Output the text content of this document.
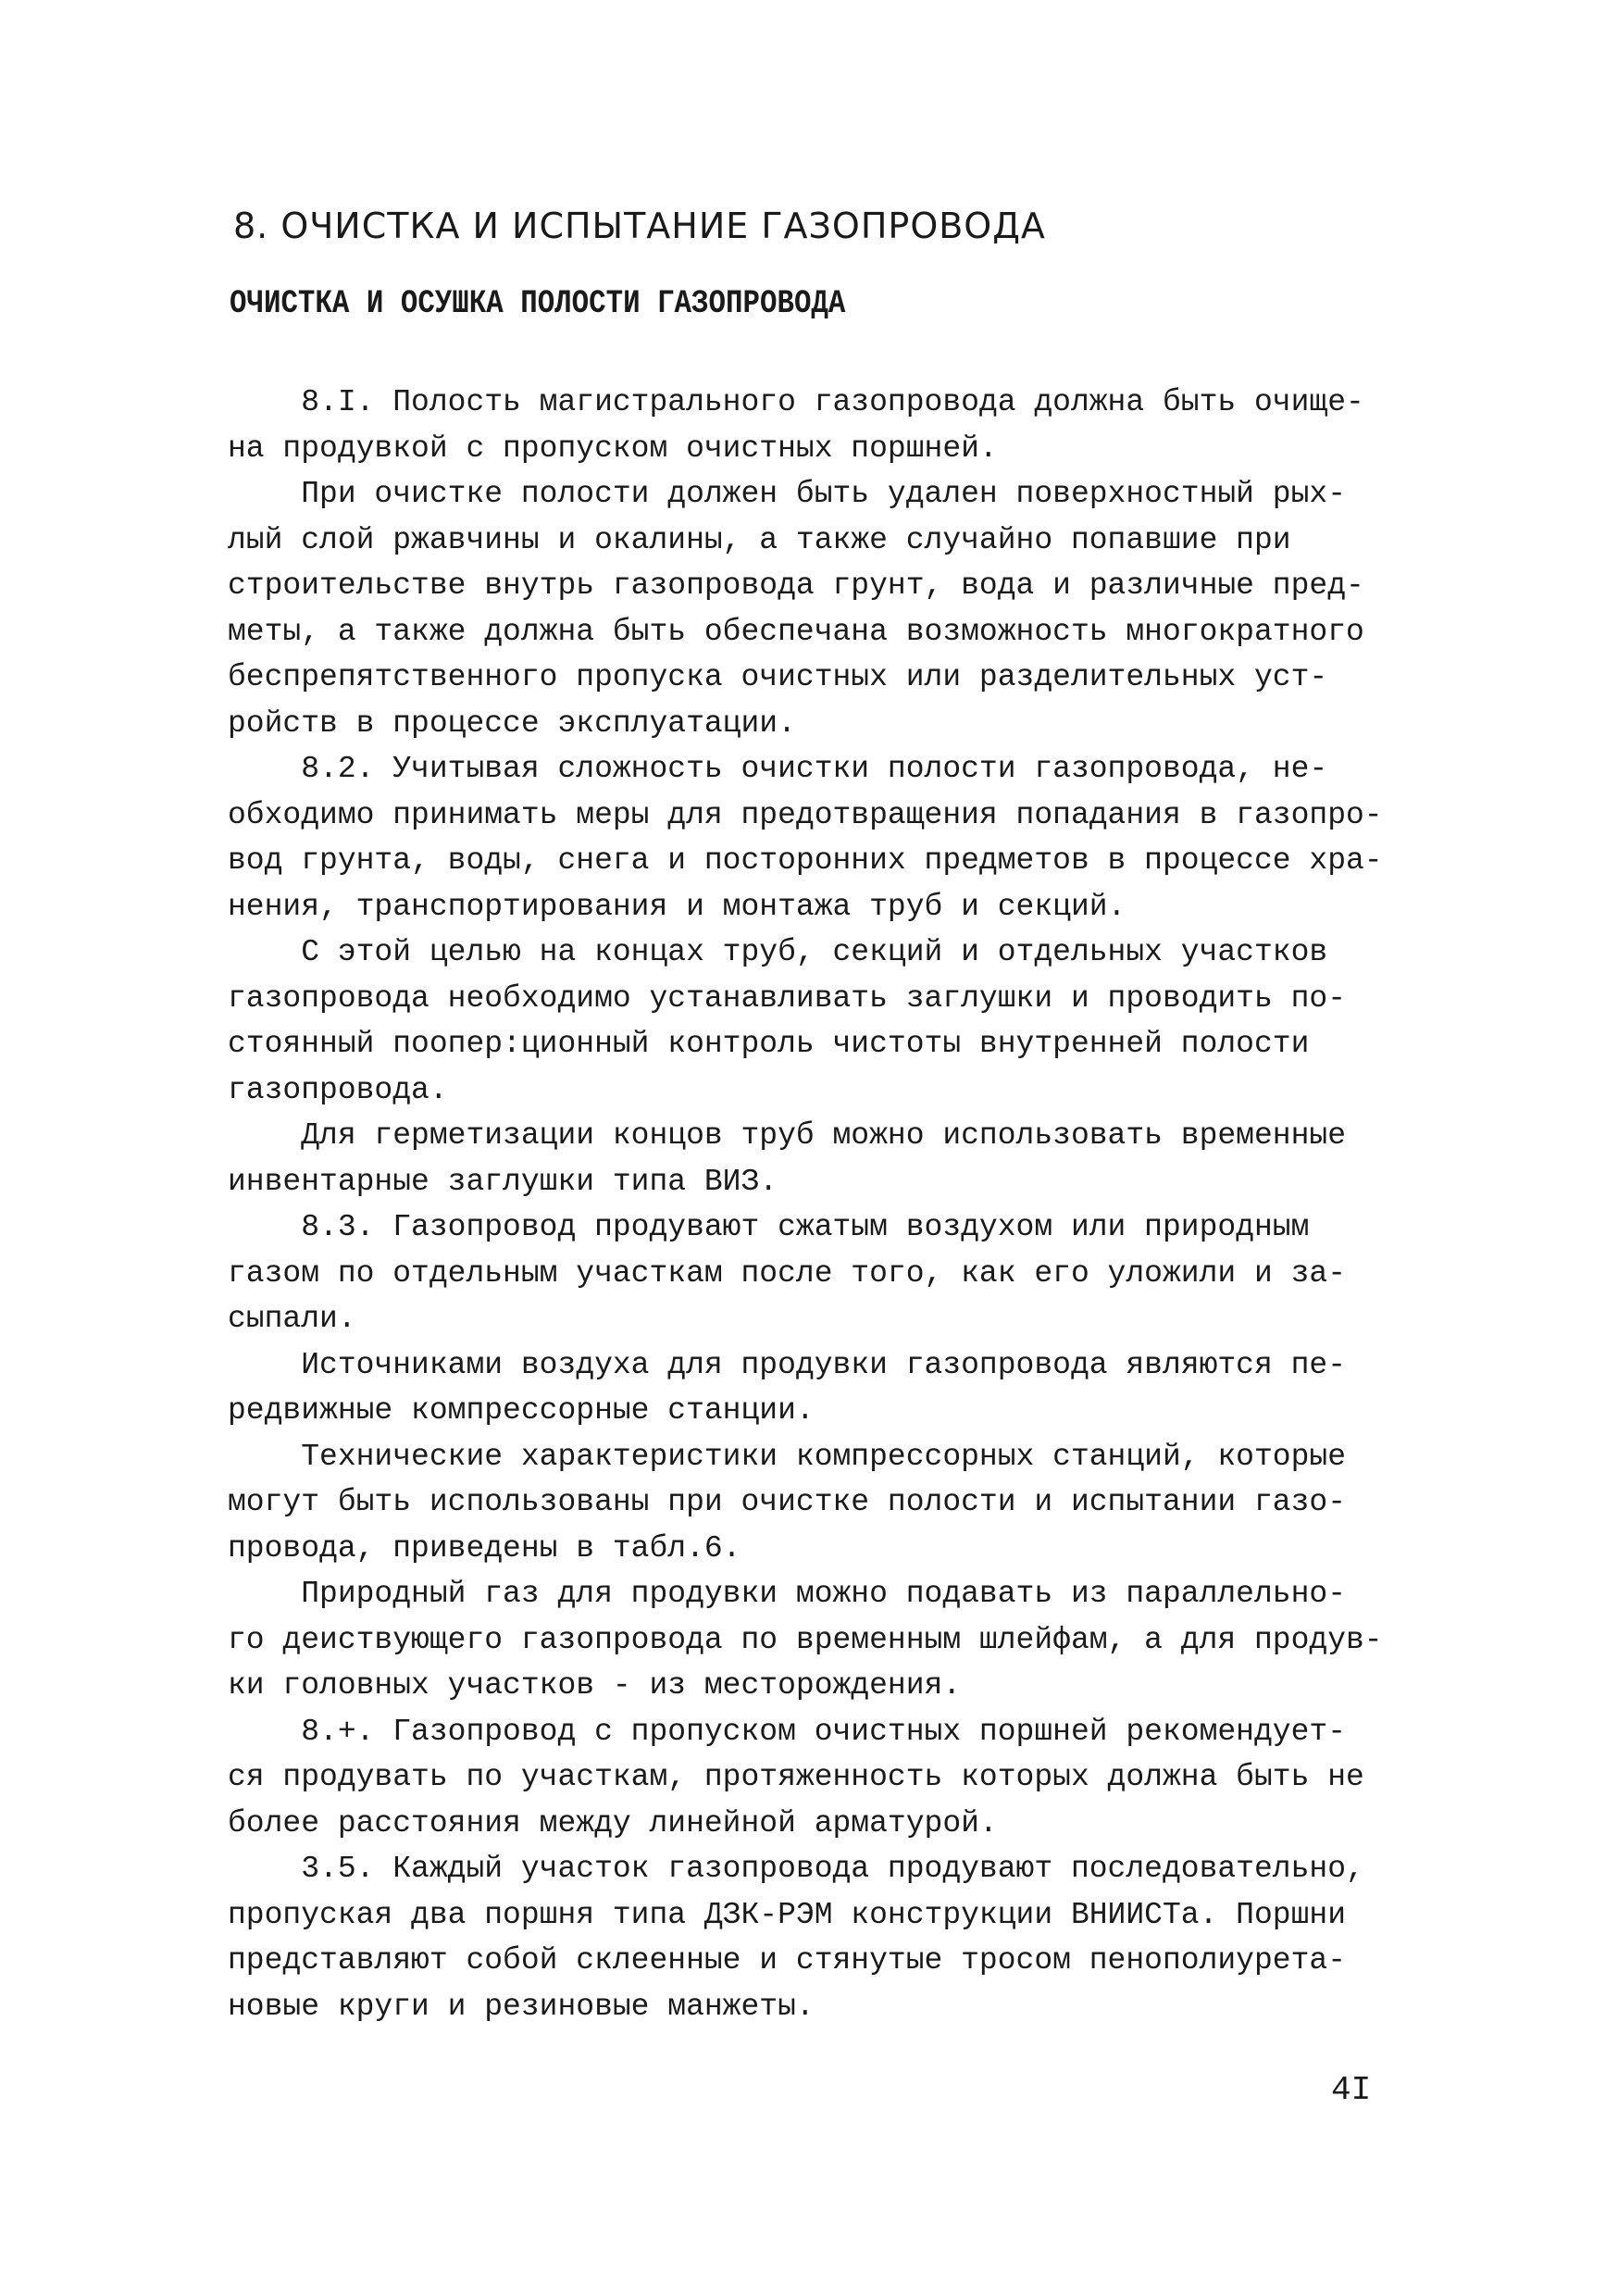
8. ОЧИСТКА И ИСПЫТАНИЕ ГАЗОПРОВОДА
ОЧИСТКА И ОСУШКА ПОЛОСТИ ГАЗОПРОВОДА
8.I. Полость магистрального газопровода должна быть очище-
на продувкой с пропуском очистных поршней.
При очистке полости должен быть удален поверхностный рых-
лый слой ржавчины и окалины, а также случайно попавшие при
строительстве внутрь газопровода грунт, вода и различные пред-
меты, а также должна быть обеспечана возможность многократного
беспрепятственного пропуска очистных или разделительных уст-
ройств в процессе эксплуатации.
8.2. Учитывая сложность очистки полости газопровода, не-
обходимо принимать меры для предотвращения попадания в газопро-
вод грунта, воды, снега и посторонних предметов в процессе хра-
нения, транспортирования и монтажа труб и секций.
С этой целью на концах труб, секций и отдельных участков
газопровода необходимо устанавливать заглушки и проводить по-
стоянный поопер:ционный контроль чистоты внутренней полости
газопровода.
Для герметизации концов труб можно использовать временные
инвентарные заглушки типа ВИЗ.
8.3. Газопровод продувают сжатым воздухом или природным
газом по отдельным участкам после того, как его уложили и за-
сыпали.
Источниками воздуха для продувки газопровода являются пе-
редвижные компрессорные станции.
Технические характеристики компрессорных станций, которые
могут быть использованы при очистке полости и испытании газо-
провода, приведены в табл.6.
Природный газ для продувки можно подавать из параллельно-
го деиствующего газопровода по временным шлейфам, а для продув-
ки головных участков - из месторождения.
8.+. Газопровод с пропуском очистных поршней рекомендует-
ся продувать по участкам, протяженность которых должна быть не
более расстояния между линейной арматурой.
3.5. Каждый участок газопровода продувают последовательно,
пропуская два поршня типа ДЗК-РЭМ конструкции ВНИИСТа. Поршни
представляют собой склеенные и стянутые тросом пенополиурета-
новые круги и резиновые манжеты.
4I
